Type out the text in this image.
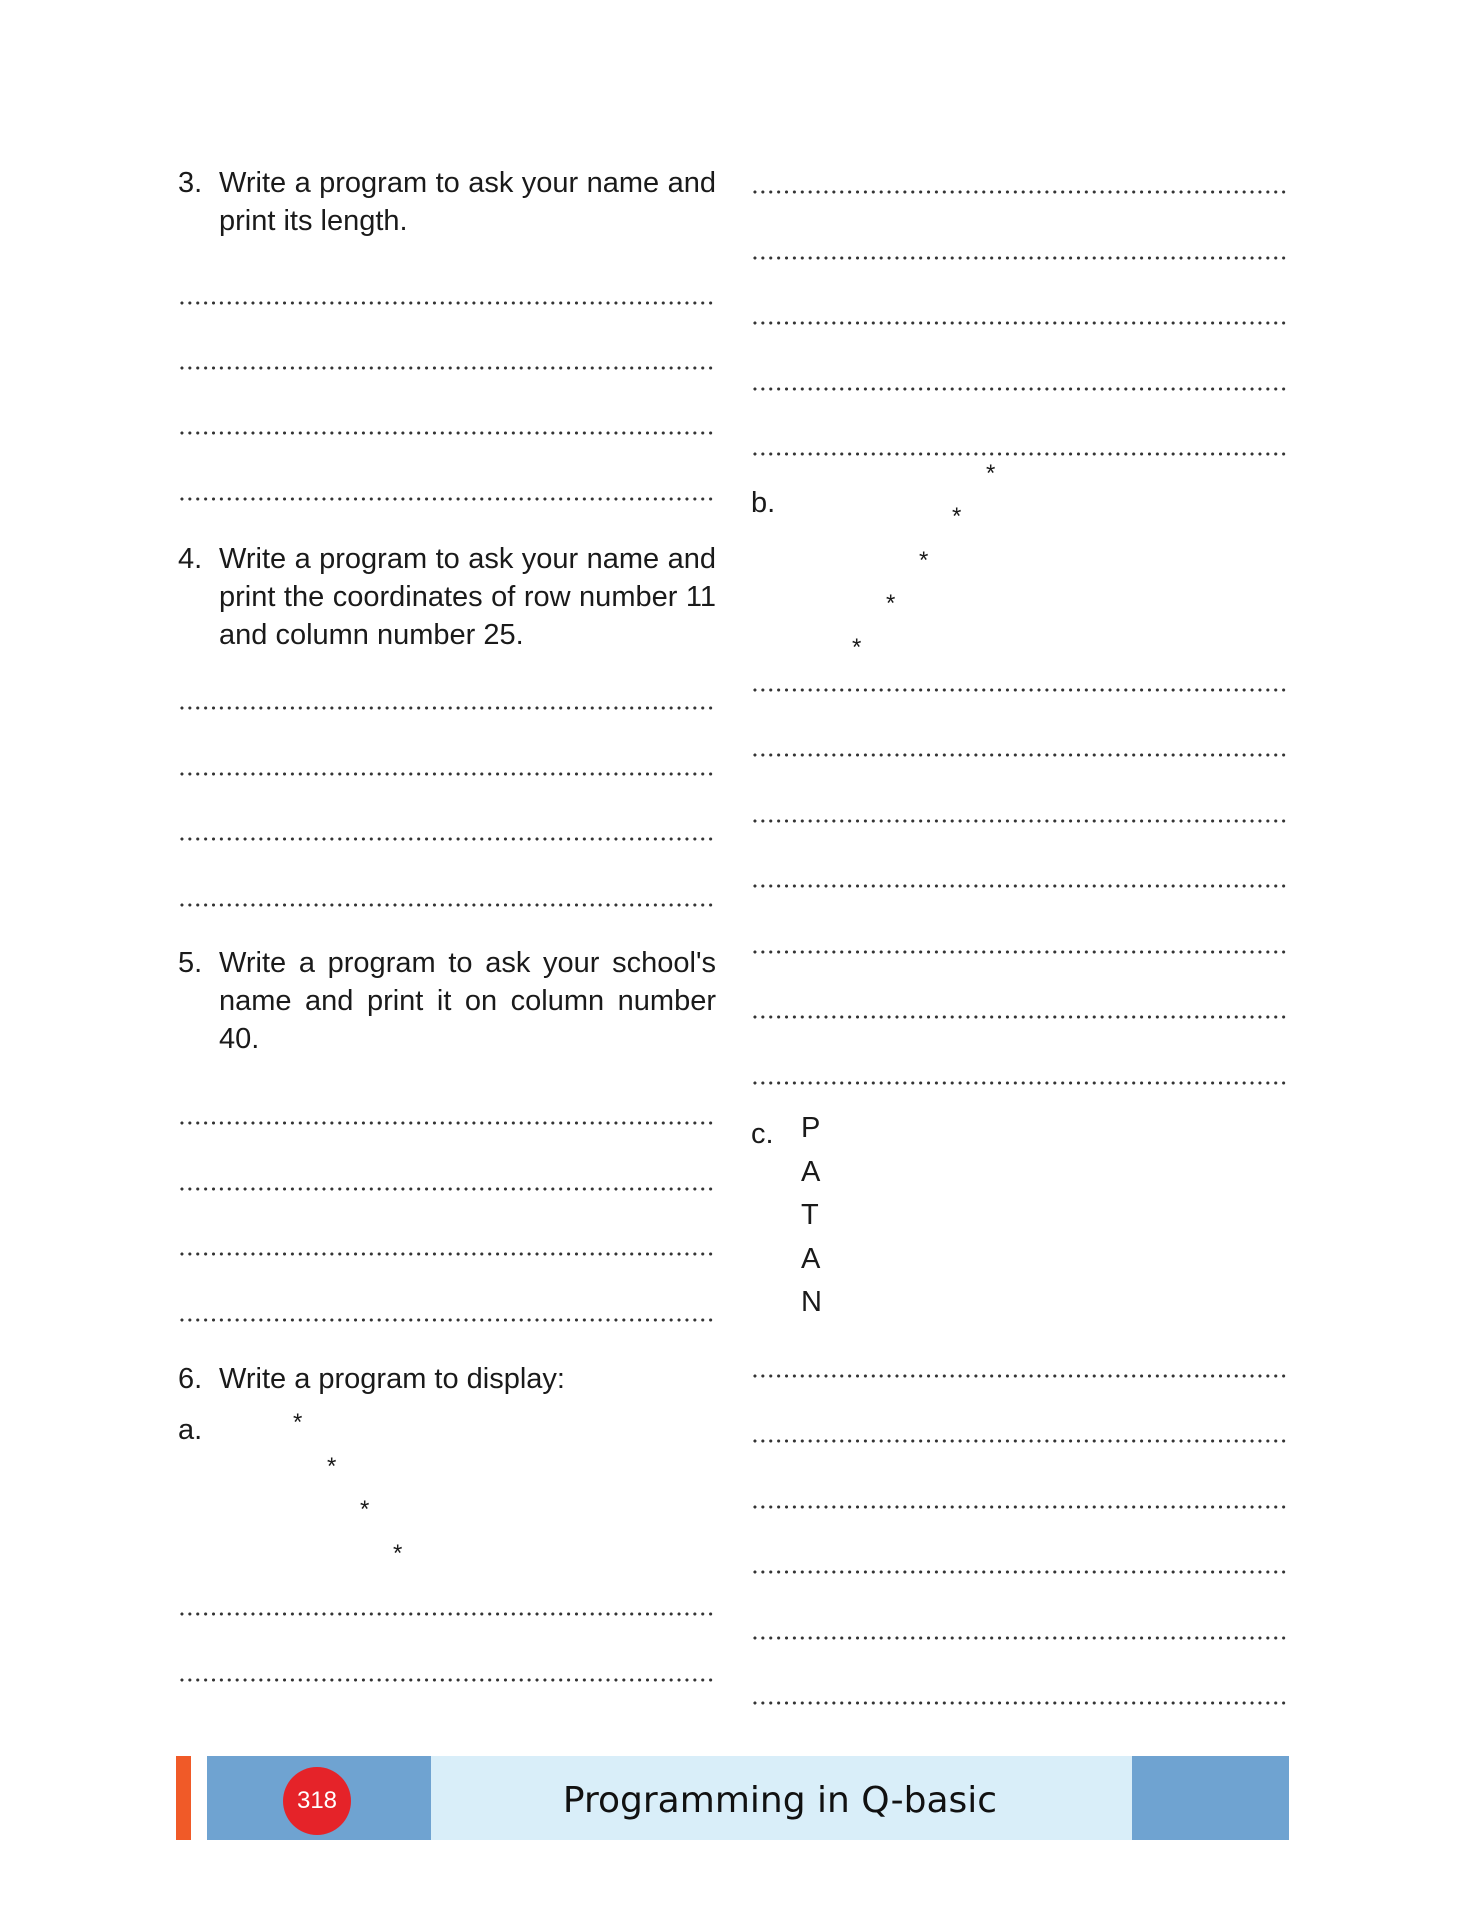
3. Write a program to ask your name and print its length.
4. Write a program to ask your name and print the coordinates of row number 11 and column number 25.
5. Write a program to ask your school's name and print it on column number 40.
6. Write a program to display:
a.	*
*
*
*
b.
*
*
*
*
*
c. P
A
T
A
N
318	Programming in Q-basic
